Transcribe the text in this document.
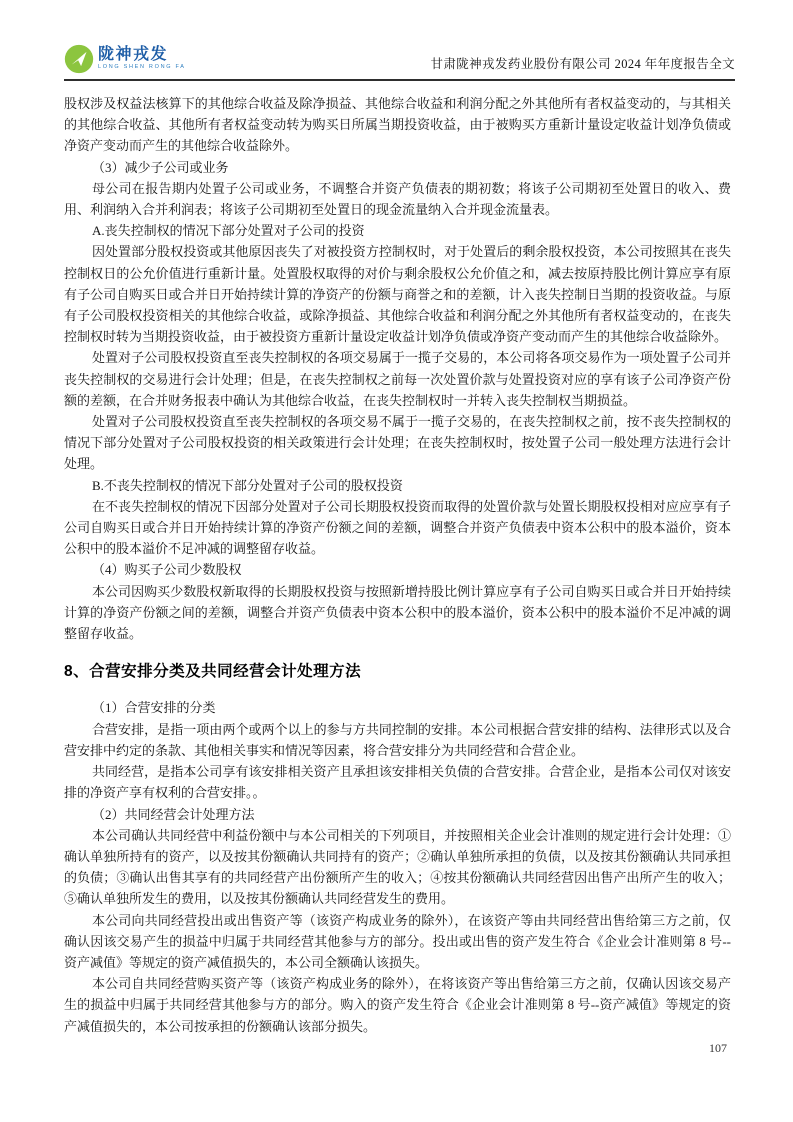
陇神戎发
LONG SHEN RONG FA	甘肃陇神戎发药业股份有限公司 2024 年年度报告全文

股权涉及权益法核算下的其他综合收益及除净损益、其他综合收益和利润分配之外其他所有者权益变动的，与其相关的其他综合收益、其他所有者权益变动转为购买日所属当期投资收益，由于被购买方重新计量设定收益计划净负债或净资产变动而产生的其他综合收益除外。

（3）减少子公司或业务

母公司在报告期内处置子公司或业务，不调整合并资产负债表的期初数；将该子公司期初至处置日的收入、费用、利润纳入合并利润表；将该子公司期初至处置日的现金流量纳入合并现金流量表。

A.丧失控制权的情况下部分处置对子公司的投资

因处置部分股权投资或其他原因丧失了对被投资方控制权时，对于处置后的剩余股权投资，本公司按照其在丧失控制权日的公允价值进行重新计量。处置股权取得的对价与剩余股权公允价值之和，减去按原持股比例计算应享有原有子公司自购买日或合并日开始持续计算的净资产的份额与商誉之和的差额，计入丧失控制日当期的投资收益。与原有子公司股权投资相关的其他综合收益，或除净损益、其他综合收益和利润分配之外其他所有者权益变动的，在丧失控制权时转为当期投资收益，由于被投资方重新计量设定收益计划净负债或净资产变动而产生的其他综合收益除外。

处置对子公司股权投资直至丧失控制权的各项交易属于一揽子交易的，本公司将各项交易作为一项处置子公司并丧失控制权的交易进行会计处理；但是，在丧失控制权之前每一次处置价款与处置投资对应的享有该子公司净资产份额的差额，在合并财务报表中确认为其他综合收益，在丧失控制权时一并转入丧失控制权当期损益。

处置对子公司股权投资直至丧失控制权的各项交易不属于一揽子交易的，在丧失控制权之前，按不丧失控制权的情况下部分处置对子公司股权投资的相关政策进行会计处理；在丧失控制权时，按处置子公司一般处理方法进行会计处理。

B.不丧失控制权的情况下部分处置对子公司的股权投资

在不丧失控制权的情况下因部分处置对子公司长期股权投资而取得的处置价款与处置长期股权投相对应应享有子公司自购买日或合并日开始持续计算的净资产份额之间的差额，调整合并资产负债表中资本公积中的股本溢价，资本公积中的股本溢价不足冲减的调整留存收益。

（4）购买子公司少数股权

本公司因购买少数股权新取得的长期股权投资与按照新增持股比例计算应享有子公司自购买日或合并日开始持续计算的净资产份额之间的差额，调整合并资产负债表中资本公积中的股本溢价，资本公积中的股本溢价不足冲减的调整留存收益。

8、合营安排分类及共同经营会计处理方法

（1）合营安排的分类

合营安排，是指一项由两个或两个以上的参与方共同控制的安排。本公司根据合营安排的结构、法律形式以及合营安排中约定的条款、其他相关事实和情况等因素，将合营安排分为共同经营和合营企业。

共同经营，是指本公司享有该安排相关资产且承担该安排相关负债的合营安排。合营企业，是指本公司仅对该安排的净资产享有权利的合营安排。。

（2）共同经营会计处理方法

本公司确认共同经营中利益份额中与本公司相关的下列项目，并按照相关企业会计准则的规定进行会计处理：①确认单独所持有的资产，以及按其份额确认共同持有的资产；②确认单独所承担的负债，以及按其份额确认共同承担的负债；③确认出售其享有的共同经营产出份额所产生的收入；④按其份额确认共同经营因出售产出所产生的收入；⑤确认单独所发生的费用，以及按其份额确认共同经营发生的费用。

本公司向共同经营投出或出售资产等（该资产构成业务的除外），在该资产等由共同经营出售给第三方之前，仅确认因该交易产生的损益中归属于共同经营其他参与方的部分。投出或出售的资产发生符合《企业会计准则第 8 号--资产减值》等规定的资产减值损失的，本公司全额确认该损失。

本公司自共同经营购买资产等（该资产构成业务的除外），在将该资产等出售给第三方之前，仅确认因该交易产生的损益中归属于共同经营其他参与方的部分。购入的资产发生符合《企业会计准则第 8 号--资产减值》等规定的资产减值损失的，本公司按承担的份额确认该部分损失。

107
